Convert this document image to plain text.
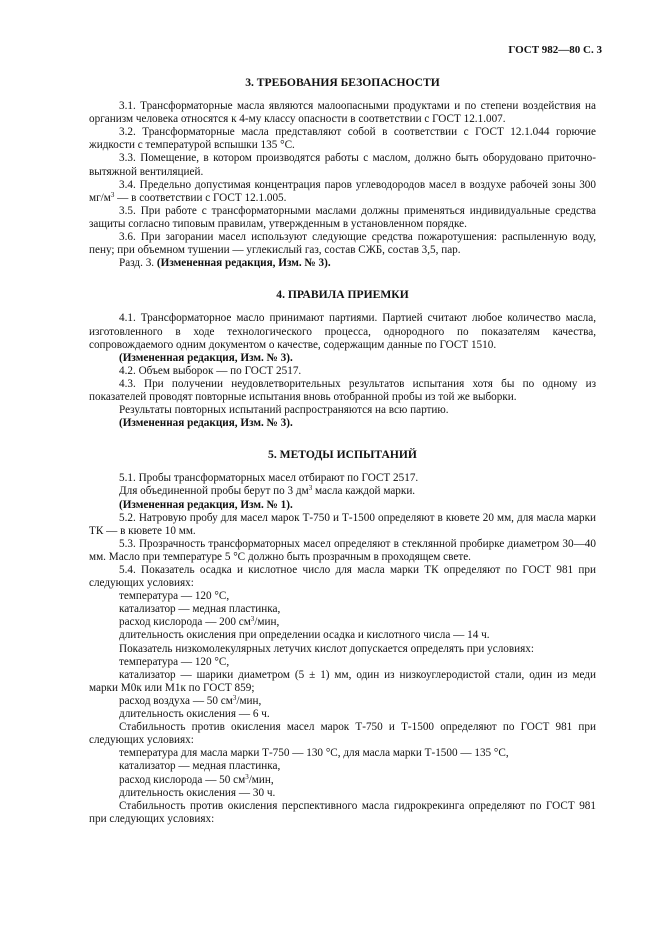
ГОСТ 982—80 С. 3
3. ТРЕБОВАНИЯ БЕЗОПАСНОСТИ

3.1. Трансформаторные масла являются малоопасными продуктами и по степени воздействия на организм человека относятся к 4-му классу опасности в соответствии с ГОСТ 12.1.007.

3.2. Трансформаторные масла представляют собой в соответствии с ГОСТ 12.1.044 горючие жидкости с температурой вспышки 135 °С.

3.3. Помещение, в котором производятся работы с маслом, должно быть оборудовано приточно-вытяжной вентиляцией.

3.4. Предельно допустимая концентрация паров углеводородов масел в воздухе рабочей зоны 300 $мг/м^3$ — в соответствии с ГОСТ 12.1.005.

3.5. При работе с трансформаторными маслами должны применяться индивидуальные средства защиты согласно типовым правилам, утвержденным в установленном порядке.

3.6. При загорании масел используют следующие средства пожаротушения: распыленную воду, пену; при объемном тушении — углекислый газ, состав СЖБ, состав 3,5, пар.

Разд. 3. (Измененная редакция, Изм. № 3).

4. ПРАВИЛА ПРИЕМКИ

4.1. Трансформаторное масло принимают партиями. Партией считают любое количество масла, изготовленного в ходе технологического процесса, однородного по показателям качества, сопровождаемого одним документом о качестве, содержащим данные по ГОСТ 1510.

(Измененная редакция, Изм. № 3).

4.2. Объем выборок — по ГОСТ 2517.

4.3. При получении неудовлетворительных результатов испытания хотя бы по одному из показателей проводят повторные испытания вновь отобранной пробы из той же выборки.

Результаты повторных испытаний распространяются на всю партию.

(Измененная редакция, Изм. № 3).

5. МЕТОДЫ ИСПЫТАНИЙ

5.1. Пробы трансформаторных масел отбирают по ГОСТ 2517.

Для объединенной пробы берут по 3 $дм^3$ масла каждой марки.

(Измененная редакция, Изм. № 1).

5.2. Натровую пробу для масел марок Т-750 и Т-1500 определяют в кювете 20 мм, для масла марки ТК — в кювете 10 мм.

5.3. Прозрачность трансформаторных масел определяют в стеклянной пробирке диаметром 30—40 мм. Масло при температуре 5 °С должно быть прозрачным в проходящем свете.

5.4. Показатель осадка и кислотное число для масла марки ТК определяют по ГОСТ 981 при следующих условиях:

температура — 120 °С,

катализатор — медная пластинка,

расход кислорода — 200 $см^3$/мин,

длительность окисления при определении осадка и кислотного числа — 14 ч.

Показатель низкомолекулярных летучих кислот допускается определять при условиях:

температура — 120 °С,

катализатор — шарики диаметром (5 ± 1) мм, один из низкоуглеродистой стали, один из меди марки М0к или М1к по ГОСТ 859;

расход воздуха — 50 $см^3$/мин,

длительность окисления — 6 ч.

Стабильность против окисления масел марок Т-750 и Т-1500 определяют по ГОСТ 981 при следующих условиях:

температура для масла марки Т-750 — 130 °С, для масла марки Т-1500 — 135 °С,

катализатор — медная пластинка,

расход кислорода — 50 $см^3$/мин,

длительность окисления — 30 ч.

Стабильность против окисления перспективного масла гидрокрекинга определяют по ГОСТ 981 при следующих условиях:
